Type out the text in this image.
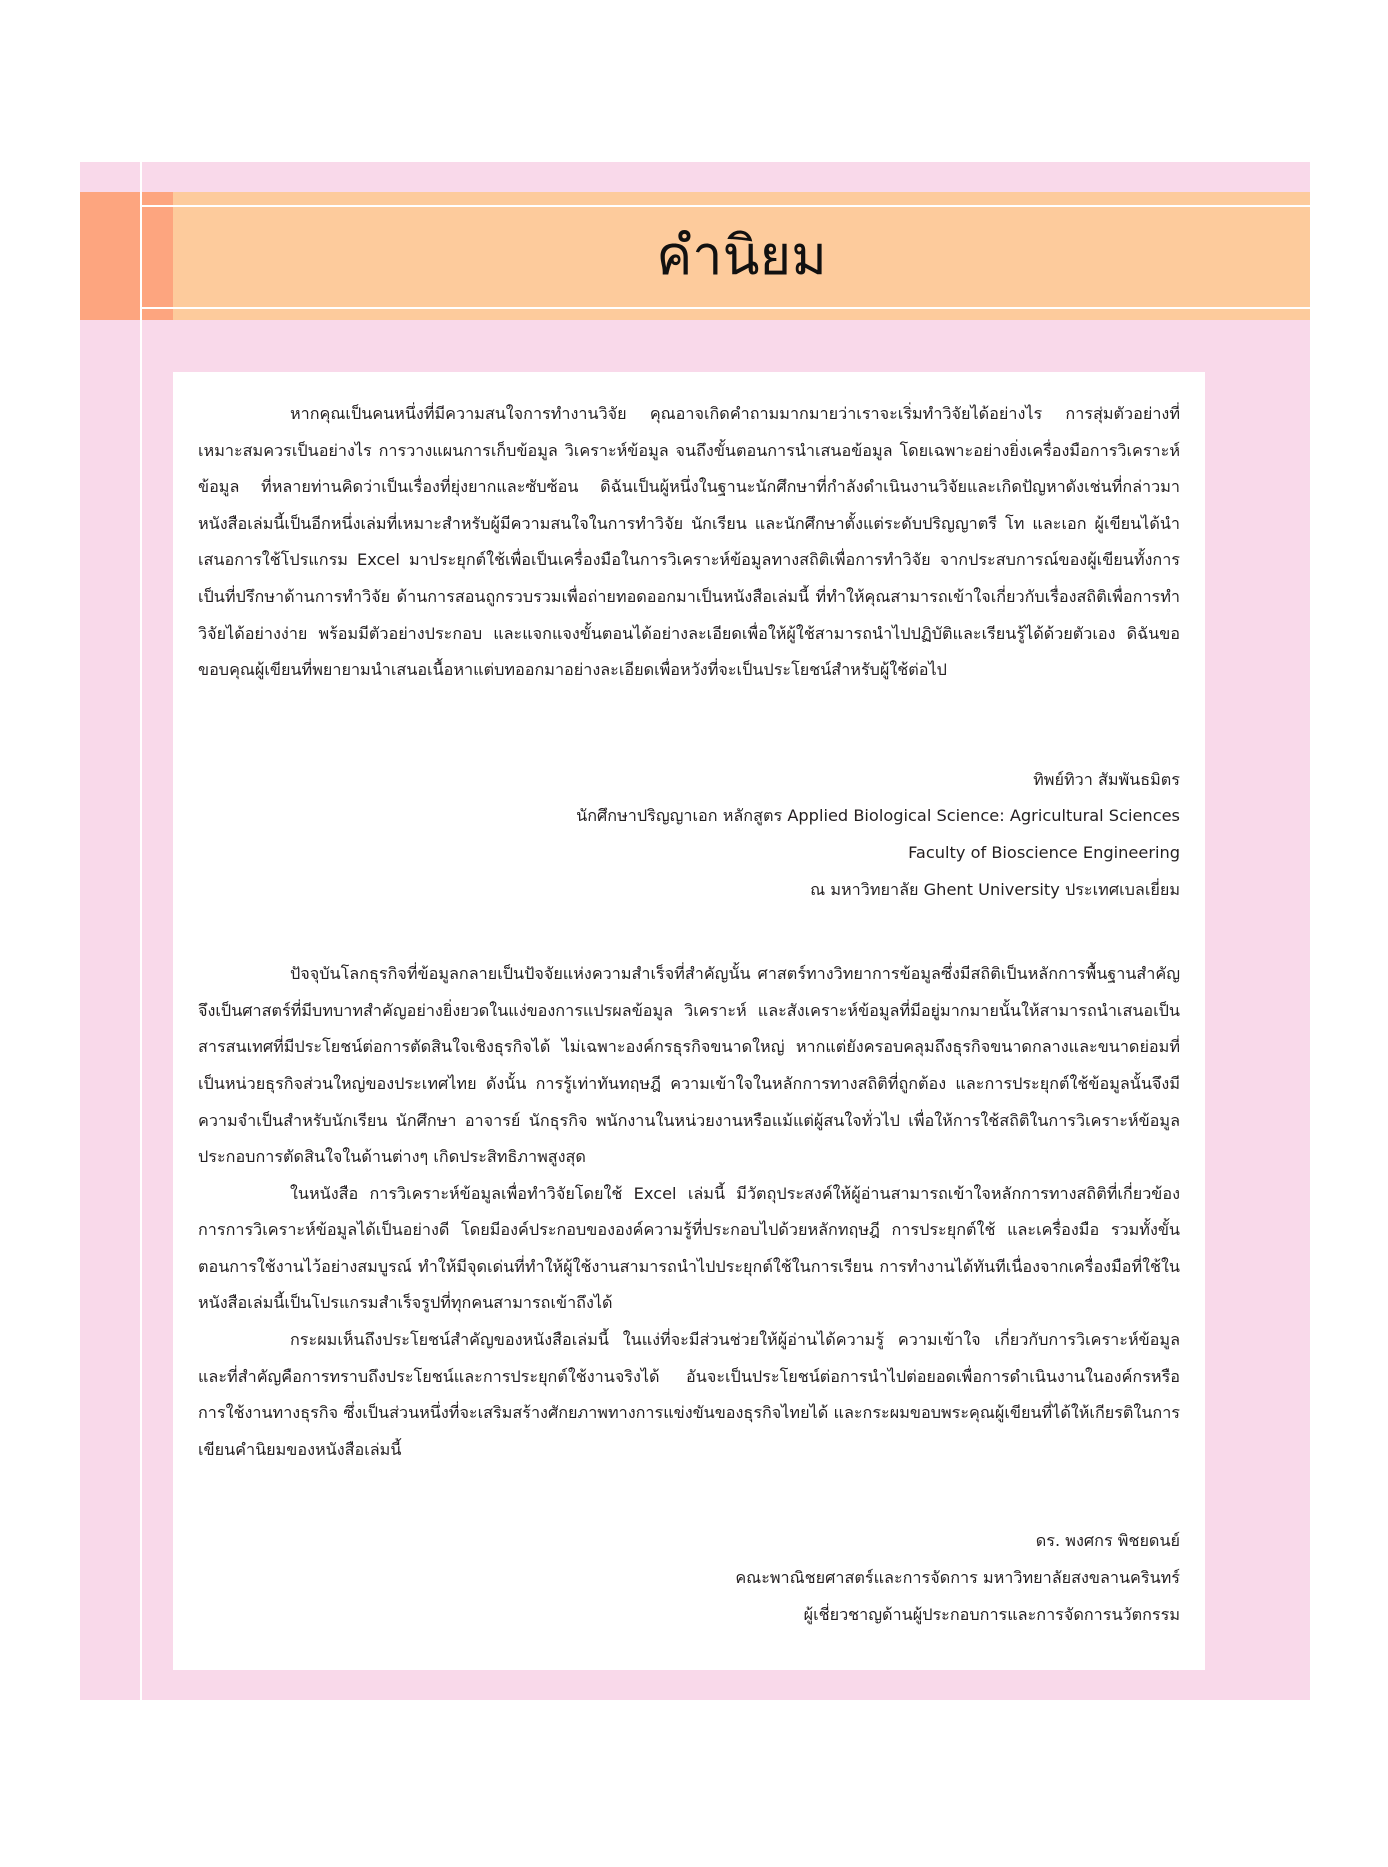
คำนิยม

หากคุณเป็นคนหนึ่งที่มีความสนใจการทำงานวิจัย คุณอาจเกิดคำถามมากมายว่าเราจะเริ่มทำวิจัยได้อย่างไร การสุ่มตัวอย่างที่เหมาะสมควรเป็นอย่างไร การวางแผนการเก็บข้อมูล วิเคราะห์ข้อมูล จนถึงขั้นตอนการนำเสนอข้อมูล โดยเฉพาะอย่างยิ่งเครื่องมือการวิเคราะห์ข้อมูล ที่หลายท่านคิดว่าเป็นเรื่องที่ยุ่งยากและซับซ้อน ดิฉันเป็นผู้หนึ่งในฐานะนักศึกษาที่กำลังดำเนินงานวิจัยและเกิดปัญหาดังเช่นที่กล่าวมา หนังสือเล่มนี้เป็นอีกหนึ่งเล่มที่เหมาะสำหรับผู้มีความสนใจในการทำวิจัย นักเรียน และนักศึกษาตั้งแต่ระดับปริญญาตรี โท และเอก ผู้เขียนได้นำเสนอการใช้โปรแกรม Excel มาประยุกต์ใช้เพื่อเป็นเครื่องมือในการวิเคราะห์ข้อมูลทางสถิติเพื่อการทำวิจัย จากประสบการณ์ของผู้เขียนทั้งการเป็นที่ปรึกษาด้านการทำวิจัย ด้านการสอนถูกรวบรวมเพื่อถ่ายทอดออกมาเป็นหนังสือเล่มนี้ ที่ทำให้คุณสามารถเข้าใจเกี่ยวกับเรื่องสถิติเพื่อการทำวิจัยได้อย่างง่าย พร้อมมีตัวอย่างประกอบ และแจกแจงขั้นตอนได้อย่างละเอียดเพื่อให้ผู้ใช้สามารถนำไปปฏิบัติและเรียนรู้ได้ด้วยตัวเอง ดิฉันขอขอบคุณผู้เขียนที่พยายามนำเสนอเนื้อหาแต่บทออกมาอย่างละเอียดเพื่อหวังที่จะเป็นประโยชน์สำหรับผู้ใช้ต่อไป

ทิพย์ทิวา สัมพันธมิตร
นักศึกษาปริญญาเอก หลักสูตร Applied Biological Science: Agricultural Sciences
Faculty of Bioscience Engineering
ณ มหาวิทยาลัย Ghent University ประเทศเบลเยี่ยม

ปัจจุบันโลกธุรกิจที่ข้อมูลกลายเป็นปัจจัยแห่งความสำเร็จที่สำคัญนั้น ศาสตร์ทางวิทยาการข้อมูลซึ่งมีสถิติเป็นหลักการพื้นฐานสำคัญจึงเป็นศาสตร์ที่มีบทบาทสำคัญอย่างยิ่งยวดในแง่ของการแปรผลข้อมูล วิเคราะห์ และสังเคราะห์ข้อมูลที่มีอยู่มากมายนั้นให้สามารถนำเสนอเป็นสารสนเทศที่มีประโยชน์ต่อการตัดสินใจเชิงธุรกิจได้ ไม่เฉพาะองค์กรธุรกิจขนาดใหญ่ หากแต่ยังครอบคลุมถึงธุรกิจขนาดกลางและขนาดย่อมที่เป็นหน่วยธุรกิจส่วนใหญ่ของประเทศไทย ดังนั้น การรู้เท่าทันทฤษฎี ความเข้าใจในหลักการทางสถิติที่ถูกต้อง และการประยุกต์ใช้ข้อมูลนั้นจึงมีความจำเป็นสำหรับนักเรียน นักศึกษา อาจารย์ นักธุรกิจ พนักงานในหน่วยงานหรือแม้แต่ผู้สนใจทั่วไป เพื่อให้การใช้สถิติในการวิเคราะห์ข้อมูลประกอบการตัดสินใจในด้านต่างๆ เกิดประสิทธิภาพสูงสุด

ในหนังสือ การวิเคราะห์ข้อมูลเพื่อทำวิจัยโดยใช้ Excel เล่มนี้ มีวัตถุประสงค์ให้ผู้อ่านสามารถเข้าใจหลักการทางสถิติที่เกี่ยวข้องการการวิเคราะห์ข้อมูลได้เป็นอย่างดี โดยมีองค์ประกอบขององค์ความรู้ที่ประกอบไปด้วยหลักทฤษฎี การประยุกต์ใช้ และเครื่องมือ รวมทั้งขั้นตอนการใช้งานไว้อย่างสมบูรณ์ ทำให้มีจุดเด่นที่ทำให้ผู้ใช้งานสามารถนำไปประยุกต์ใช้ในการเรียน การทำงานได้ทันทีเนื่องจากเครื่องมือที่ใช้ในหนังสือเล่มนี้เป็นโปรแกรมสำเร็จรูปที่ทุกคนสามารถเข้าถึงได้

กระผมเห็นถึงประโยชน์สำคัญของหนังสือเล่มนี้ ในแง่ที่จะมีส่วนช่วยให้ผู้อ่านได้ความรู้ ความเข้าใจ เกี่ยวกับการวิเคราะห์ข้อมูลและที่สำคัญคือการทราบถึงประโยชน์และการประยุกต์ใช้งานจริงได้ อันจะเป็นประโยชน์ต่อการนำไปต่อยอดเพื่อการดำเนินงานในองค์กรหรือการใช้งานทางธุรกิจ ซึ่งเป็นส่วนหนึ่งที่จะเสริมสร้างศักยภาพทางการแข่งขันของธุรกิจไทยได้ และกระผมขอบพระคุณผู้เขียนที่ได้ให้เกียรติในการเขียนคำนิยมของหนังสือเล่มนี้

ดร. พงศกร พิชยดนย์
คณะพาณิชยศาสตร์และการจัดการ มหาวิทยาลัยสงขลานครินทร์
ผู้เชี่ยวชาญด้านผู้ประกอบการและการจัดการนวัตกรรม
